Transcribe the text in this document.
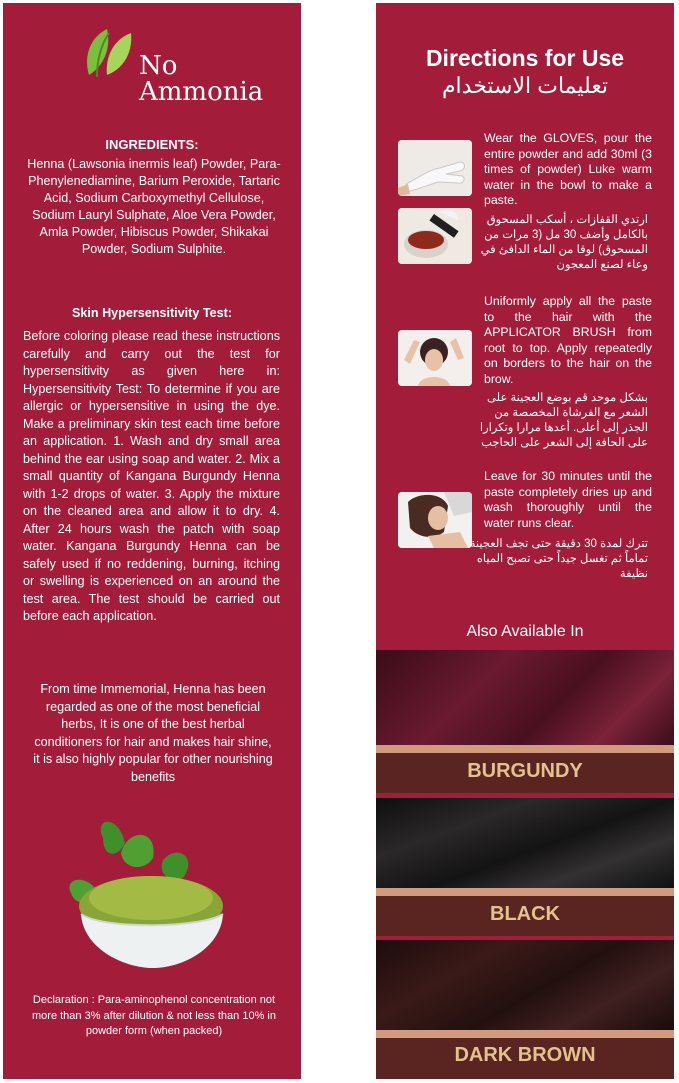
No
Ammonia
INGREDIENTS:
Henna (Lawsonia inermis leaf) Powder, Para-Phenylenediamine, Barium Peroxide, Tartaric Acid, Sodium Carboxymethyl Cellulose, Sodium Lauryl Sulphate, Aloe Vera Powder, Amla Powder, Hibiscus Powder, Shikakai Powder, Sodium Sulphite.
Skin Hypersensitivity Test:
Before coloring please read these instructions carefully and carry out the test for hypersensitivity as given here in: Hypersensitivity Test: To determine if you are allergic or hypersensitive in using the dye. Make a preliminary skin test each time before an application. 1. Wash and dry small area behind the ear using soap and water. 2. Mix a small quantity of Kangana Burgundy Henna with 1-2 drops of water. 3. Apply the mixture on the cleaned area and allow it to dry. 4. After 24 hours wash the patch with soap water. Kangana Burgundy Henna can be safely used if no reddening, burning, itching or swelling is experienced on an around the test area. The test should be carried out before each application.
From time Immemorial, Henna has been regarded as one of the most beneficial herbs, It is one of the best herbal conditioners for hair and makes hair shine, it is also highly popular for other nourishing benefits
Declaration : Para-aminophenol concentration not more than 3% after dilution & not less than 10% in powder form (when packed)
Directions for Use
تعليمات الاستخدام
Wear the GLOVES, pour the entire powder and add 30ml (3 times of powder) Luke warm water in the bowl to make a paste.
ارتدي القفازات ، أسكب المسحوق بالكامل وأضف 30 مل (3 مرات من المسحوق) لوقا من الماء الدافئ في وعاء لصنع المعجون
Uniformly apply all the paste to the hair with the APPLICATOR BRUSH from root to top. Apply repeatedly on borders to the hair on the brow.
بشكل موحد قم بوضع العجينة على الشعر مع الفرشاة المخصصة من الجذر إلى أعلى. أعدها مرارا وتكرارا على الحافة إلى الشعر على الحاجب
Leave for 30 minutes until the paste completely dries up and wash thoroughly until the water runs clear.
تترك لمدة 30 دقيقة حتى تجف العجينة تماماً ثم تغسل جيداً حتى تصبح المياه نظيفة
Also Available In
BURGUNDY
BLACK
DARK BROWN
